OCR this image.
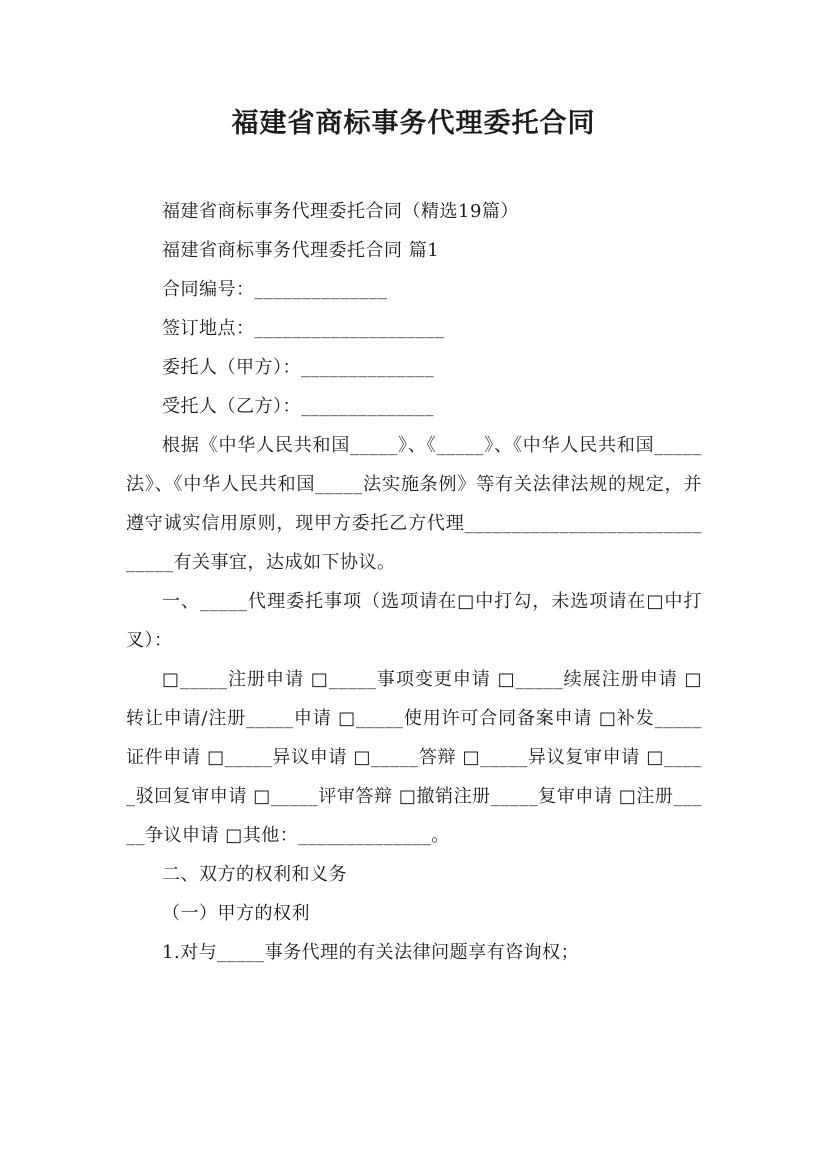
福建省商标事务代理委托合同

福建省商标事务代理委托合同（精选19篇）

福建省商标事务代理委托合同 篇1

合同编号：______________

签订地点：____________________

委托人（甲方）：______________

受托人（乙方）：______________

根据《中华人民共和国_____》、《_____》、《中华人民共和国_____法》、《中华人民共和国_____法实施条例》等有关法律法规的规定，并遵守诚实信用原则，现甲方委托乙方代理______________________________有关事宜，达成如下协议。

一、_____代理委托事项（选项请在□中打勾，未选项请在□中打叉）：

□_____注册申请 □_____事项变更申请 □_____续展注册申请 □转让申请/注册_____申请 □_____使用许可合同备案申请 □补发_____证件申请 □_____异议申请 □_____答辩 □_____异议复审申请 □_____驳回复审申请 □_____评审答辩 □撤销注册_____复审申请 □注册_____争议申请 □其他：______________。

二、双方的权利和义务

（一）甲方的权利

1.对与_____事务代理的有关法律问题享有咨询权；
